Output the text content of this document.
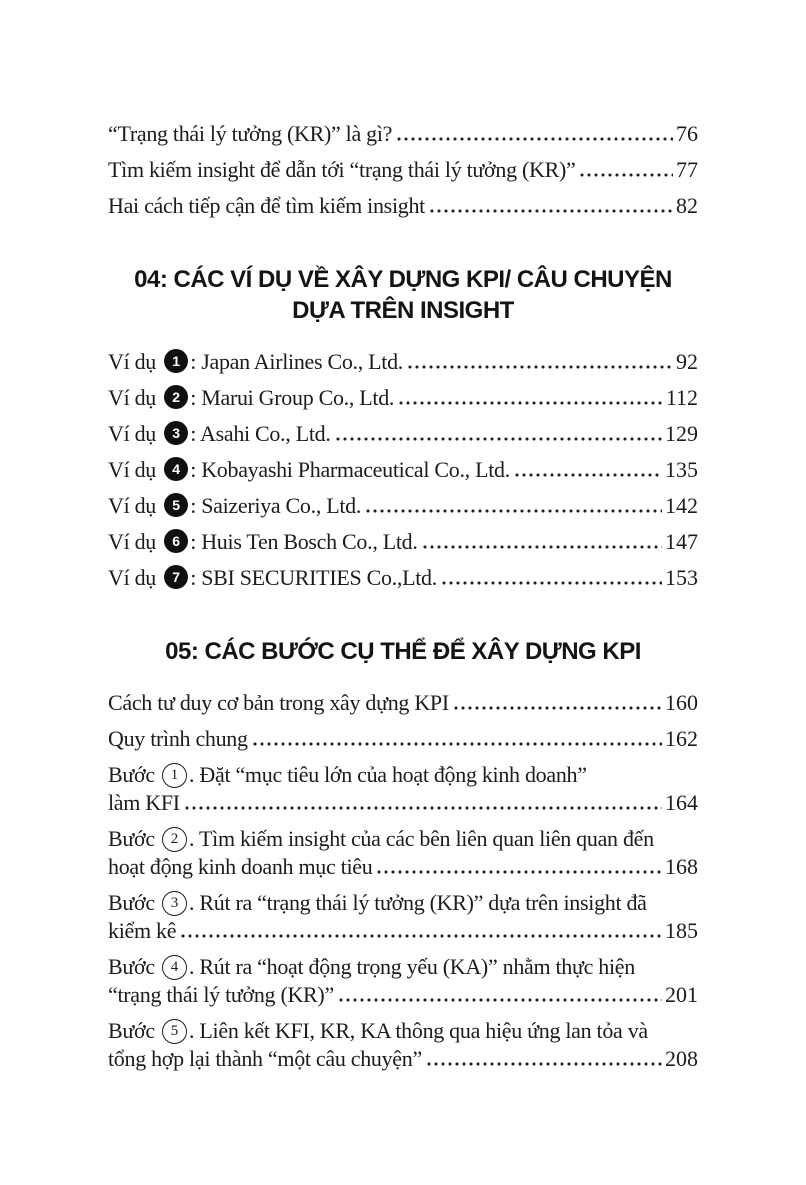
“Trạng thái lý tưởng (KR)” là gì?	76
Tìm kiếm insight để dẫn tới “trạng thái lý tưởng (KR)”	77
Hai cách tiếp cận để tìm kiếm insight	82
04: CÁC VÍ DỤ VỀ XÂY DỰNG KPI/ CÂU CHUYỆN
DỰA TRÊN INSIGHT
Ví dụ 1 : Japan Airlines Co., Ltd.	92
Ví dụ 2 : Marui Group Co., Ltd.	112
Ví dụ 3 : Asahi Co., Ltd.	129
Ví dụ 4 : Kobayashi Pharmaceutical Co., Ltd.	135
Ví dụ 5 : Saizeriya Co., Ltd.	142
Ví dụ 6 : Huis Ten Bosch Co., Ltd.	147
Ví dụ 7 : SBI SECURITIES Co.,Ltd.	153
05: CÁC BƯỚC CỤ THỂ ĐỂ XÂY DỰNG KPI
Cách tư duy cơ bản trong xây dựng KPI	160
Quy trình chung	162
Bước 1 . Đặt “mục tiêu lớn của hoạt động kinh doanh”
làm KFI	164
Bước 2 . Tìm kiếm insight của các bên liên quan liên quan đến
hoạt động kinh doanh mục tiêu	168
Bước 3 . Rút ra “trạng thái lý tưởng (KR)” dựa trên insight đã
kiểm kê	185
Bước 4 . Rút ra “hoạt động trọng yếu (KA)” nhằm thực hiện
“trạng thái lý tưởng (KR)”	201
Bước 5 . Liên kết KFI, KR, KA thông qua hiệu ứng lan tỏa và
tổng hợp lại thành “một câu chuyện”	208
